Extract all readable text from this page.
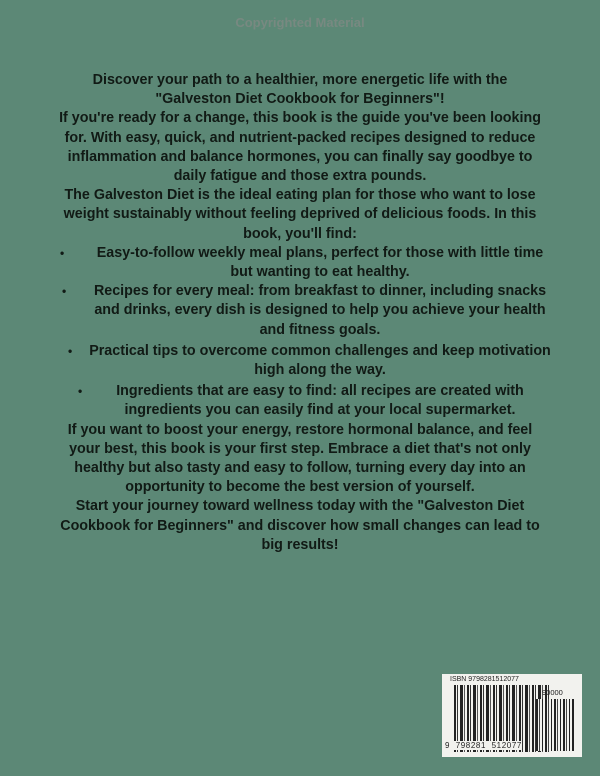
Copyrighted Material
Discover your path to a healthier, more energetic life with the
"Galveston Diet Cookbook for Beginners"!
If you're ready for a change, this book is the guide you've been looking
for. With easy, quick, and nutrient-packed recipes designed to reduce
inflammation and balance hormones, you can finally say goodbye to
daily fatigue and those extra pounds.
The Galveston Diet is the ideal eating plan for those who want to lose
weight sustainably without feeling deprived of delicious foods. In this
book, you'll find:
• Easy-to-follow weekly meal plans, perfect for those with little time
but wanting to eat healthy.
• Recipes for every meal: from breakfast to dinner, including snacks
and drinks, every dish is designed to help you achieve your health
and fitness goals.
• Practical tips to overcome common challenges and keep motivation
high along the way.
• Ingredients that are easy to find: all recipes are created with
ingredients you can easily find at your local supermarket.
If you want to boost your energy, restore hormonal balance, and feel
your best, this book is your first step. Embrace a diet that's not only
healthy but also tasty and easy to follow, turning every day into an
opportunity to become the best version of yourself.
Start your journey toward wellness today with the "Galveston Diet
Cookbook for Beginners" and discover how small changes can lead to
big results!
ISBN 9798281512077
90000
9  798281  512077
